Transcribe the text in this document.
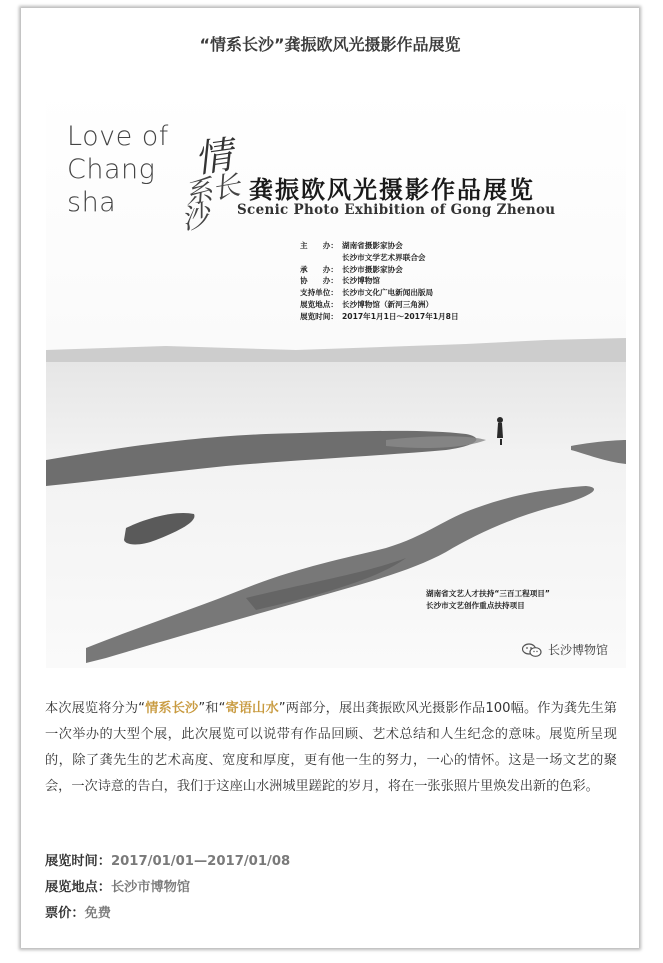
“情系长沙”龚振欧风光摄影作品展览
Love of
Chang
sha
情
系长
沙
龚振欧风光摄影作品展览
Scenic Photo Exhibition of Gong Zhenou
主　　办： 湖南省摄影家协会
长沙市文学艺术界联合会
承　　办： 长沙市摄影家协会
协　　办： 长沙博物馆
支持单位： 长沙市文化广电新闻出版局
展览地点： 长沙博物馆（新河三角洲）
展览时间： 2017年1月1日～2017年1月8日
湖南省文艺人才扶持“三百工程项目”
长沙市文艺创作重点扶持项目
长沙博物馆
本次展览将分为“情系长沙”和“寄语山水”两部分，展出龚振欧风光摄影作品100幅。作为龚先生第一次举办的大型个展，此次展览可以说带有作品回顾、艺术总结和人生纪念的意味。展览所呈现的，除了龚先生的艺术高度、宽度和厚度，更有他一生的努力，一心的情怀。这是一场文艺的聚会，一次诗意的告白，我们于这座山水洲城里蹉跎的岁月，将在一张张照片里焕发出新的色彩。
展览时间：2017/01/01—2017/01/08
展览地点：长沙市博物馆
票价：免费
